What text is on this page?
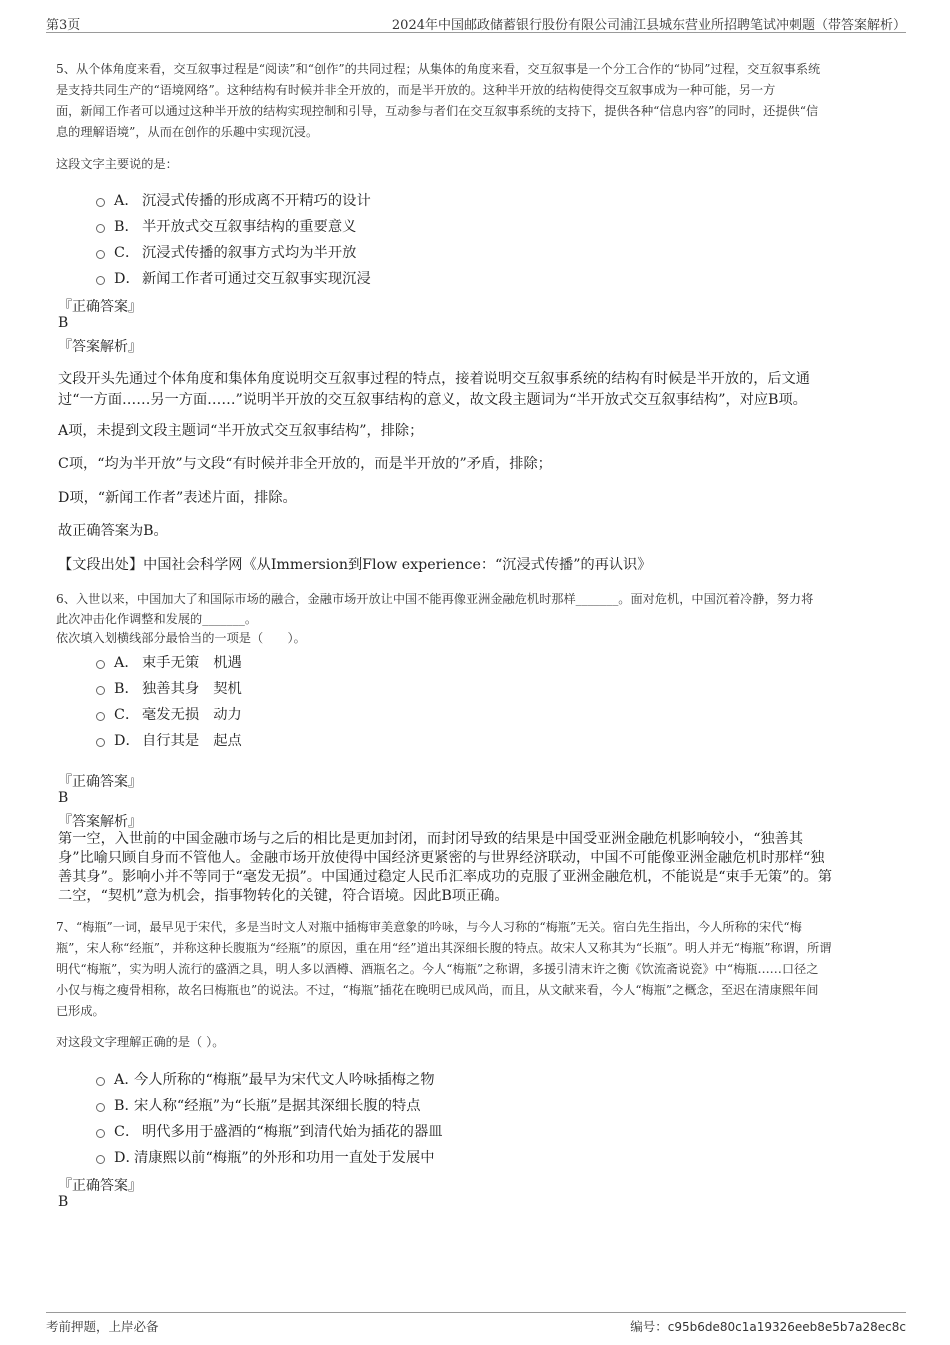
第3页	2024年中国邮政储蓄银行股份有限公司浦江县城东营业所招聘笔试冲刺题（带答案解析）
5、从个体角度来看，交互叙事过程是“阅读”和“创作”的共同过程；从集体的角度来看，交互叙事是一个分工合作的“协同”过程，交互叙事系统
是支持共同生产的“语境网络”。这种结构有时候并非全开放的，而是半开放的。这种半开放的结构使得交互叙事成为一种可能，另一方
面，新闻工作者可以通过这种半开放的结构实现控制和引导，互动参与者们在交互叙事系统的支持下，提供各种“信息内容”的同时，还提供“信
息的理解语境”，从而在创作的乐趣中实现沉浸。
这段文字主要说的是：
A． 沉浸式传播的形成离不开精巧的设计
B． 半开放式交互叙事结构的重要意义
C． 沉浸式传播的叙事方式均为半开放
D． 新闻工作者可通过交互叙事实现沉浸
『正确答案』
B
『答案解析』
文段开头先通过个体角度和集体角度说明交互叙事过程的特点，接着说明交互叙事系统的结构有时候是半开放的，后文通
过“一方面……另一方面……”说明半开放的交互叙事结构的意义，故文段主题词为“半开放式交互叙事结构”，对应B项。
A项，未提到文段主题词“半开放式交互叙事结构”，排除；
C项，“均为半开放”与文段“有时候并非全开放的，而是半开放的”矛盾，排除；
D项，“新闻工作者”表述片面，排除。
故正确答案为B。
【文段出处】中国社会科学网《从Immersion到Flow experience：“沉浸式传播”的再认识》
6、入世以来，中国加大了和国际市场的融合，金融市场开放让中国不能再像亚洲金融危机时那样_______。面对危机，中国沉着冷静，努力将
此次冲击化作调整和发展的_______。
依次填入划横线部分最恰当的一项是（　　）。
A． 束手无策 机遇
B． 独善其身 契机
C． 毫发无损 动力
D． 自行其是 起点
『正确答案』
B
『答案解析』
第一空，入世前的中国金融市场与之后的相比是更加封闭，而封闭导致的结果是中国受亚洲金融危机影响较小，“独善其
身”比喻只顾自身而不管他人。金融市场开放使得中国经济更紧密的与世界经济联动，中国不可能像亚洲金融危机时那样“独
善其身”。影响小并不等同于“毫发无损”。中国通过稳定人民币汇率成功的克服了亚洲金融危机，不能说是“束手无策”的。第
二空，“契机”意为机会，指事物转化的关键，符合语境。因此B项正确。
7、“梅瓶”一词，最早见于宋代，多是当时文人对瓶中插梅审美意象的吟咏，与今人习称的“梅瓶”无关。宿白先生指出，今人所称的宋代“梅
瓶”，宋人称“经瓶”，并称这种长腹瓶为“经瓶”的原因，重在用“经”道出其深细长腹的特点。故宋人又称其为“长瓶”。明人并无“梅瓶”称谓，所谓
明代“梅瓶”，实为明人流行的盛酒之具，明人多以酒樽、酒瓶名之。今人“梅瓶”之称谓，多援引清末许之衡《饮流斋说瓷》中“梅瓶……口径之
小仅与梅之瘦骨相称，故名曰梅瓶也”的说法。不过，“梅瓶”插花在晚明已成风尚，而且，从文献来看，今人“梅瓶”之概念，至迟在清康熙年间
已形成。
对这段文字理解正确的是（ ）。
A．
今人所称的“梅瓶”最早为宋代文人吟咏插梅之物
B．
宋人称“经瓶”为“长瓶”是据其深细长腹的特点
C． 明代多用于盛酒的“梅瓶”到清代始为插花的器皿
D．
清康熙以前“梅瓶”的外形和功用一直处于发展中
『正确答案』
B
考前押题，上岸必备	编号：c95b6de80c1a19326eeb8e5b7a28ec8c
